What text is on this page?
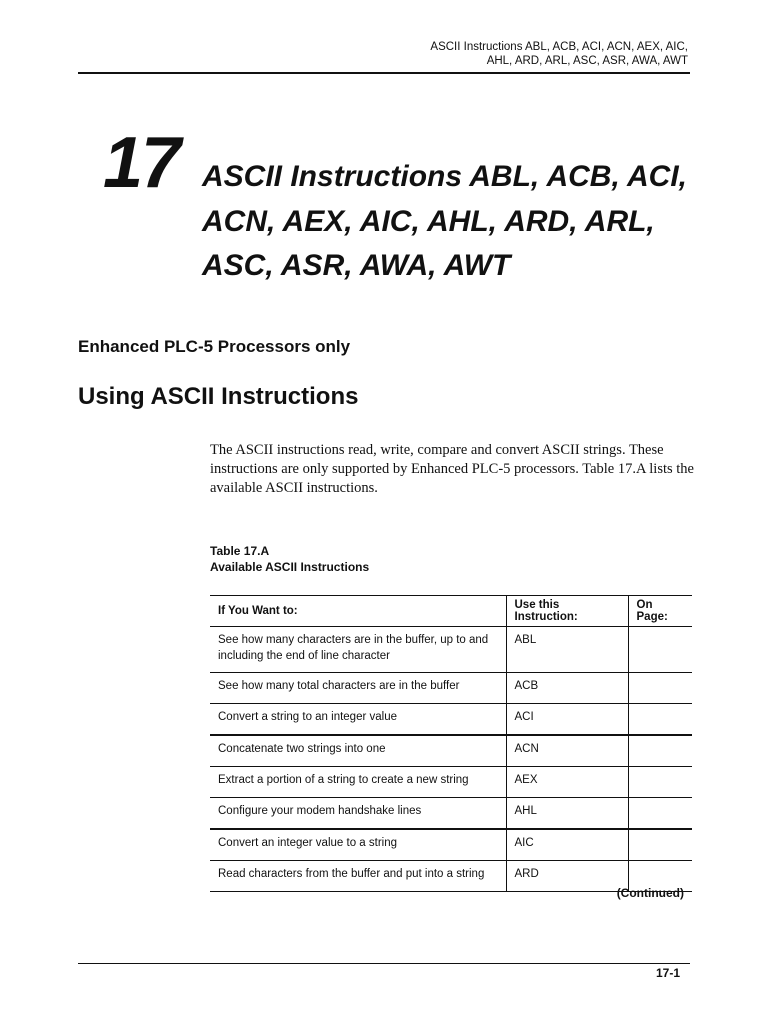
ASCII Instructions ABL, ACB, ACI, ACN, AEX, AIC,
AHL, ARD, ARL, ASC, ASR, AWA, AWT
17 ASCII Instructions ABL, ACB, ACI,
ACN, AEX, AIC, AHL, ARD, ARL,
ASC, ASR, AWA, AWT
Enhanced PLC-5 Processors only
Using ASCII Instructions

The ASCII instructions read, write, compare and convert ASCII strings. These instructions are only supported by Enhanced PLC-5 processors. Table 17.A lists the available ASCII instructions.

Table 17.A
Available ASCII Instructions
If You Want to:	Use this Instruction:	On Page:
See how many characters are in the buffer, up to and including the end of line character	ABL	
See how many total characters are in the buffer	ACB	
Convert a string to an integer value	ACI	
Concatenate two strings into one	ACN	
Extract a portion of a string to create a new string	AEX	
Configure your modem handshake lines	AHL	
Convert an integer value to a string	AIC	
Read characters from the buffer and put into a string	ARD	
(Continued)
17-1
